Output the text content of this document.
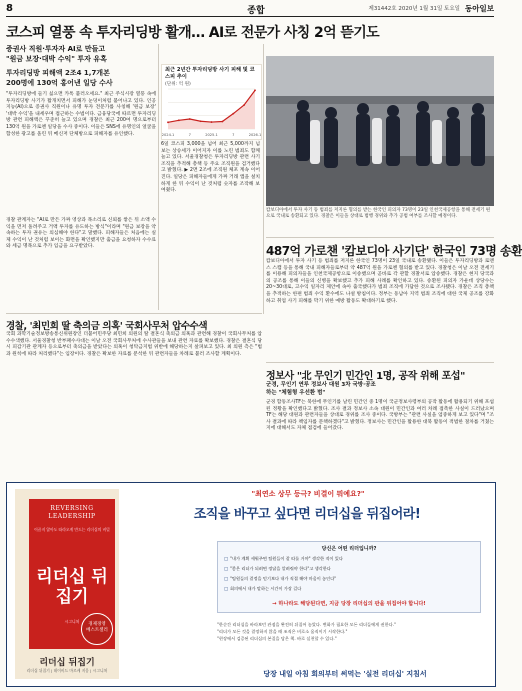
8	종합	제31442호 2020년 1월 31일 토요일 동아일보
코스피 열풍 속 투자리딩방 활개… AI로 전문가 사칭 2억 뜯기도
증권사 직원·투자자 AI로 만들고
"원금 보장·대박 수익" 투자 유혹
투자리딩방 피해액 2조4 1,7개본
200명에 130억 홍어낸 일당 수사
"투자리딩방에 들기 싫으면 카톡 불러오세요." 최근 주식시장 열풍 속에 투자리딩방 사기가 활개치면서 피해가 눈덩이처럼 불어나고 있다. 인공지능(AI)으로 증권사 직원이나 유명 투자 전문가를 사칭해 '원금 보장' '대박 수익'을 내세우며 접근하는 수법이다. 금융당국에 따르면 투자리딩방 관련 피해액은 꾸준히 늘고 있으며 경찰은 최근 200여 명으로부터 130억 원을 가로챈 일당을 수사 중이다. 이들은 SNS에 유명인의 얼굴을 합성한 광고를 올린 뒤 메신저 단체방으로 피해자를 유인했다.
경찰 관계자는 "AI로 만든 가짜 영상과 목소리로 신뢰를 쌓은 뒤 소액 수익을 먼저 돌려주고 거액 투자를 유도하는 방식"이라며 "원금 보장을 약속하는 투자 권유는 의심해야 한다"고 말했다. 피해자들은 처음에는 실제 수익이 난 것처럼 보이는 화면을 확인했지만 출금을 요청하자 수수료와 세금 명목으로 추가 입금을 요구받았다.
6일 코스피 3,000을 넘어 최근 5,000까지 넘보는 상승세가 이어지자 이를 노린 범죄도 함께 늘고 있다. 서울경찰청은 투자리딩방 관련 사기 조직을 추적해 총책 등 주요 조직원을 검거했다고 밝혔다. ▶ 2면 2조에 조직원 체포 계속 이어진다. 일당은 피해자들에게 가짜 거래 앱을 설치하게 한 뒤 수익이 난 것처럼 숫자를 조작해 보여줬다.
최근 2년간 투자리딩방 사기 피해 및 코스피 추이
(단위: 억 원)
2024.1	7	2025.1	7	2026.1
캄보디아에서 투자 사기 등 범죄를 저지른 혐의를 받는 한국인 피의자 73명이 23일 인천국제공항을 통해 전세기 편으로 국내로 송환되고 있다. 경찰은 이들을 상대로 범행 경위와 추가 공범 여부를 조사할 예정이다.
487억 가로챈 '캄보디아 사기단' 한국인 73명 송환
캄보디아에서 투자 사기 등 범죄를 저지른 한국인 73명이 23일 국내로 송환됐다. 이들은 투자리딩방과 로맨스 스캠 등을 통해 국내 피해자들로부터 약 487억 원을 가로챈 혐의를 받고 있다. 경찰청은 이날 오전 전세기를 이용해 피의자들을 인천국제공항으로 이송했으며 곧바로 각 관할 경찰서로 압송했다. 경찰은 현지 당국과의 공조를 통해 이들의 신병을 확보했고 추가 피해 사례를 확인하고 있다. 송환된 피의자 가운데 상당수는 20~30대로, 고수익 일자리 제안에 속아 출국했다가 범죄 조직에 가담한 것으로 조사됐다. 경찰은 조직 총책을 추적하는 한편 범죄 수익 환수에도 나설 방침이다. 정부는 동남아 지역 범죄 조직에 대한 국제 공조를 강화하고 취업 사기 피해를 막기 위한 예방 활동도 확대하기로 했다.
경찰, '최민희 딸 축의금 의혹' 국회사무처 압수수색
국회 과학기술정보방송통신위원장인 더불어민주당 최민희 의원의 딸 결혼식 축의금 의혹과 관련해 경찰이 국회사무처를 압수수색했다. 서울경찰청 반부패수사대는 이날 오전 국회사무처에 수사관들을 보내 관련 자료를 확보했다. 경찰은 결혼식 당시 피감기관 관계자 등으로부터 축의금을 받았다는 의혹이 청탁금지법 위반에 해당하는지 살펴보고 있다. 최 의원 측은 "법과 원칙에 따라 처리했다"는 입장이다. 경찰은 확보한 자료를 분석한 뒤 관련자들을 차례로 불러 조사할 계획이다.
정보사 "北 무인기 민간인 1명, 공작 위해 포섭"
군경, 무인기 연루 정보사 대원 3차 국방·공조하는 "체험형 우선환 범"
군경 합동조사TF는 북한에 무인기를 날린 민간인 중 1명이 국군정보사령부의 공작 활동에 활용되기 위해 포섭된 정황을 확인했다고 밝혔다. 조사 결과 정보사 소속 대원이 민간인과 여러 차례 접촉한 사실이 드러났으며 TF는 해당 대원과 관련자들을 상대로 경위를 조사 중이다. 국방부는 "관련 사실을 엄중하게 보고 있다"며 "조사 결과에 따라 책임자를 문책하겠다"고 밝혔다. 정보사는 민간인을 활용한 대북 활동이 적법한 절차를 거쳤는지에 대해서도 자체 점검에 들어갔다.
REVERSING
LEADERSHIP
이끌지 않아도 따라오게 만드는 리더십의 비밀
리더십 뒤집기
시그니처
경제경영
베스트셀러
리더십 뒤집기
리더십 뒤집기 | 데이비드 마르케 지음 | 시그니처
"최연소 상무 등극? 비결이 뭐예요?"
조직을 바꾸고 싶다면 리더십을 뒤집어라!
당신은 어떤 리더입니까?
□ "내가 계획 세워주면 팀원들이 잘 따를 거야" 생각한 적이 있다
□ "좋은 리더가 되려면 정답을 알려줘야 한다"고 생각한다
□ "팀원들의 결정을 믿기보다 내가 직접 해야 마음이 놓인다"
□ 회의에서 내가 말하는 시간이 가장 길다
→ 하나라도 해당된다면, 지금 당장 리더십의 판을 뒤집어야 합니다!
"한순간 리더십을 바라보던 관점을 완전히 뒤집어 놓았다. 변화가 필요한 모든 리더들에게 권한다."
"리더가 모든 것을 결정하지 않을 때 조직은 비로소 움직이기 시작한다."
"현장에서 검증된 리더십의 본질을 담은 책. 바로 실천할 수 있다."
당장 내일 아침 회의부터 써먹는 '실전 리더십' 지침서
